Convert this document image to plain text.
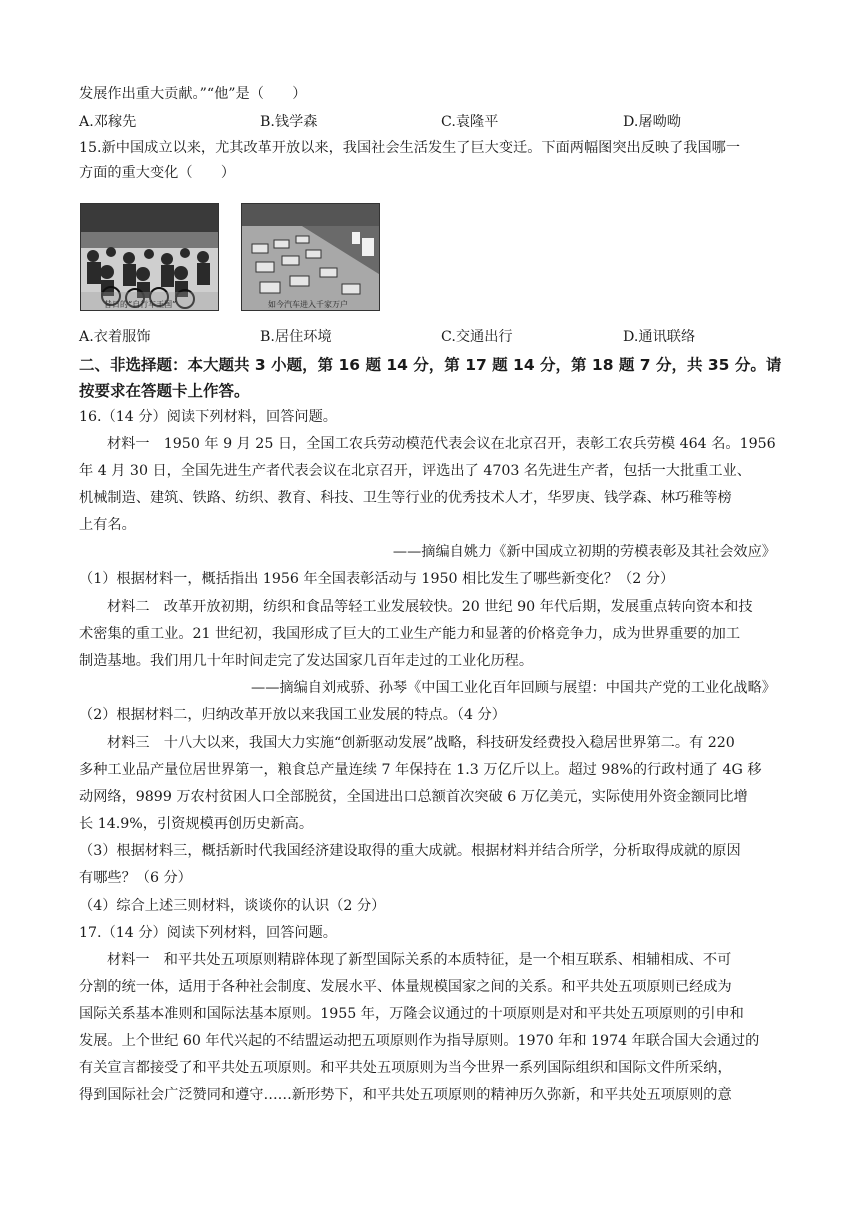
发展作出重大贡献。”“他”是（　　）
A.邓稼先	B.钱学森	C.袁隆平	D.屠呦呦
15.新中国成立以来，尤其改革开放以来，我国社会生活发生了巨大变迁。下面两幅图突出反映了我国哪一
方面的重大变化（　　）
昔日的“自行车王国”	如今汽车进入千家万户
A.衣着服饰	B.居住环境	C.交通出行	D.通讯联络
二、非选择题：本大题共 3 小题，第 16 题 14 分，第 17 题 14 分，第 18 题 7 分，共 35 分。请
按要求在答题卡上作答。
16.（14 分）阅读下列材料，回答问题。
材料一　1950 年 9 月 25 日，全国工农兵劳动模范代表会议在北京召开，表彰工农兵劳模 464 名。1956
年 4 月 30 日，全国先进生产者代表会议在北京召开，评选出了 4703 名先进生产者，包括一大批重工业、
机械制造、建筑、铁路、纺织、教育、科技、卫生等行业的优秀技术人才，华罗庚、钱学森、林巧稚等榜
上有名。
——摘编自姚力《新中国成立初期的劳模表彰及其社会效应》
（1）根据材料一，概括指出 1956 年全国表彰活动与 1950 相比发生了哪些新变化？（2 分）
材料二　改革开放初期，纺织和食品等轻工业发展较快。20 世纪 90 年代后期，发展重点转向资本和技
术密集的重工业。21 世纪初，我国形成了巨大的工业生产能力和显著的价格竞争力，成为世界重要的加工
制造基地。我们用几十年时间走完了发达国家几百年走过的工业化历程。
——摘编自刘戒骄、孙琴《中国工业化百年回顾与展望：中国共产党的工业化战略》
（2）根据材料二，归纳改革开放以来我国工业发展的特点。（4 分）
材料三　十八大以来，我国大力实施“创新驱动发展”战略，科技研发经费投入稳居世界第二。有 220
多种工业品产量位居世界第一，粮食总产量连续 7 年保持在 1.3 万亿斤以上。超过 98%的行政村通了 4G 移
动网络，9899 万农村贫困人口全部脱贫，全国进出口总额首次突破 6 万亿美元，实际使用外资金额同比增
长 14.9%，引资规模再创历史新高。
（3）根据材料三，概括新时代我国经济建设取得的重大成就。根据材料并结合所学，分析取得成就的原因
有哪些？（6 分）
（4）综合上述三则材料，谈谈你的认识（2 分）
17.（14 分）阅读下列材料，回答问题。
材料一　和平共处五项原则精辟体现了新型国际关系的本质特征，是一个相互联系、相辅相成、不可
分割的统一体，适用于各种社会制度、发展水平、体量规模国家之间的关系。和平共处五项原则已经成为
国际关系基本准则和国际法基本原则。1955 年，万隆会议通过的十项原则是对和平共处五项原则的引申和
发展。上个世纪 60 年代兴起的不结盟运动把五项原则作为指导原则。1970 年和 1974 年联合国大会通过的
有关宣言都接受了和平共处五项原则。和平共处五项原则为当今世界一系列国际组织和国际文件所采纳，
得到国际社会广泛赞同和遵守……新形势下，和平共处五项原则的精神历久弥新，和平共处五项原则的意
